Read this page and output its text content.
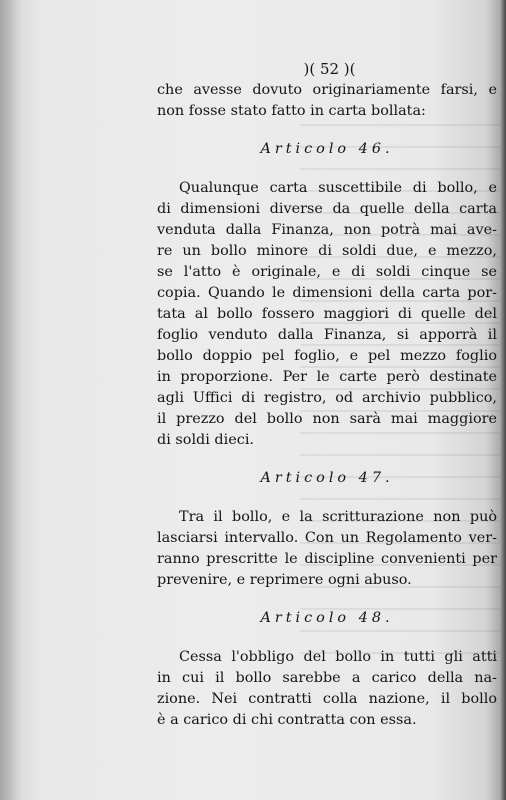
)( 52 )(
che avesse dovuto originariamente farsi, e
non fosse stato fatto in carta bollata:
Articolo 46.
Qualunque carta suscettibile di bollo, e
di dimensioni diverse da quelle della carta
venduta dalla Finanza, non potrà mai ave-
re un bollo minore di soldi due, e mezzo,
se l'atto è originale, e di soldi cinque se
copia. Quando le dimensioni della carta por-
tata al bollo fossero maggiori di quelle del
foglio venduto dalla Finanza, si apporrà il
bollo doppio pel foglio, e pel mezzo foglio
in proporzione. Per le carte però destinate
agli Uffici di registro, od archivio pubblico,
il prezzo del bollo non sarà mai maggiore
di soldi dieci.
Articolo 47.
Tra il bollo, e la scritturazione non può
lasciarsi intervallo. Con un Regolamento ver-
ranno prescritte le discipline convenienti per
prevenire, e reprimere ogni abuso.
Articolo 48.
Cessa l'obbligo del bollo in tutti gli atti
in cui il bollo sarebbe a carico della na-
zione. Nei contratti colla nazione, il bollo
è a carico di chi contratta con essa.
